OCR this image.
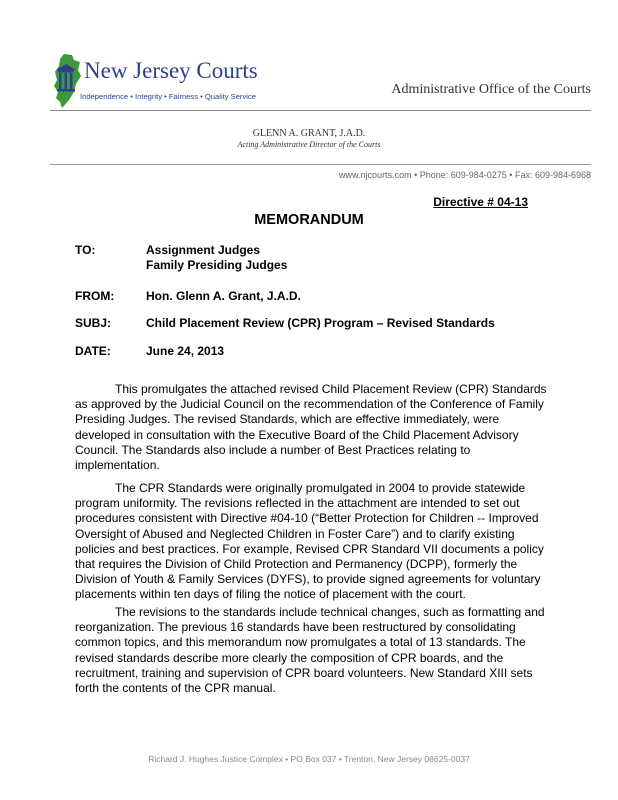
New Jersey Courts
Independence • Integrity • Fairness • Quality Service	Administrative Office of the Courts
GLENN A. GRANT, J.A.D.
Acting Administrative Director of the Courts
www.njcourts.com • Phone: 609-984-0275 • Fax: 609-984-6968
Directive # 04-13
MEMORANDUM
TO:	Assignment Judges
Family Presiding Judges
FROM:	Hon. Glenn A. Grant, J.A.D.
SUBJ:	Child Placement Review (CPR) Program – Revised Standards
DATE:	June 24, 2013

This promulgates the attached revised Child Placement Review (CPR) Standards as approved by the Judicial Council on the recommendation of the Conference of Family Presiding Judges. The revised Standards, which are effective immediately, were developed in consultation with the Executive Board of the Child Placement Advisory Council. The Standards also include a number of Best Practices relating to implementation.

The CPR Standards were originally promulgated in 2004 to provide statewide program uniformity. The revisions reflected in the attachment are intended to set out procedures consistent with Directive #04-10 (“Better Protection for Children -- Improved Oversight of Abused and Neglected Children in Foster Care”) and to clarify existing policies and best practices. For example, Revised CPR Standard VII documents a policy that requires the Division of Child Protection and Permanency (DCPP), formerly the Division of Youth & Family Services (DYFS), to provide signed agreements for voluntary placements within ten days of filing the notice of placement with the court.

The revisions to the standards include technical changes, such as formatting and reorganization. The previous 16 standards have been restructured by consolidating common topics, and this memorandum now promulgates a total of 13 standards. The revised standards describe more clearly the composition of CPR boards, and the recruitment, training and supervision of CPR board volunteers. New Standard XIII sets forth the contents of the CPR manual.

Richard J. Hughes Justice Complex • PO Box 037 • Trenton, New Jersey 08625-0037
